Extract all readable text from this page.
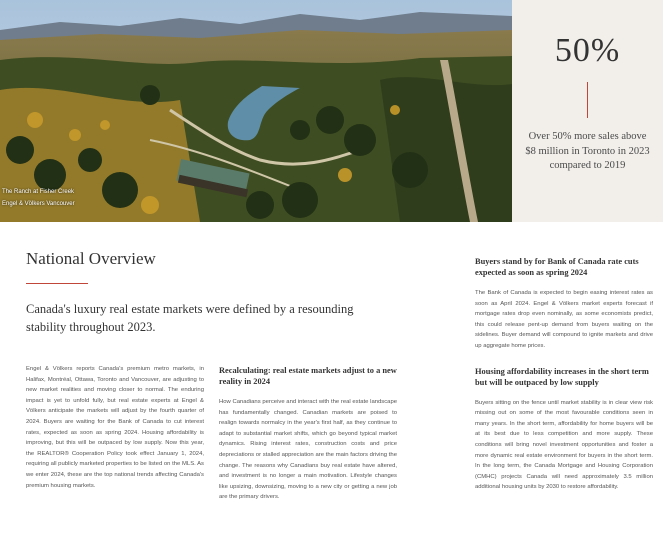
The Ranch at Fisher Creek
Engel & Völkers Vancouver
50%
Over 50% more sales above $8 million in Toronto in 2023 compared to 2019
National Overview

Canada's luxury real estate markets were defined by a resounding stability throughout 2023.

Engel & Völkers reports Canada's premium metro markets, in Halifax, Montréal, Ottawa, Toronto and Vancouver, are adjusting to new market realities and moving closer to normal. The enduring impact is yet to unfold fully, but real estate experts at Engel & Völkers anticipate the markets will adjust by the fourth quarter of 2024. Buyers are waiting for the Bank of Canada to cut interest rates, expected as soon as spring 2024. Housing affordability is improving, but this will be outpaced by low supply. Now this year, the REALTOR® Cooperation Policy took effect January 1, 2024, requiring all publicly marketed properties to be listed on the MLS. As we enter 2024, these are the top national trends affecting Canada's premium housing markets.

Recalculating: real estate markets adjust to a new reality in 2024

How Canadians perceive and interact with the real estate landscape has fundamentally changed. Canadian markets are poised to realign towards normalcy in the year's first half, as they continue to adapt to substantial market shifts, which go beyond typical market dynamics. Rising interest rates, construction costs and price depreciations or stalled appreciation are the main factors driving the change. The reasons why Canadians buy real estate have altered, and investment is no longer a main motivation. Lifestyle changes like upsizing, downsizing, moving to a new city or getting a new job are the primary drivers.

Buyers stand by for Bank of Canada rate cuts expected as soon as spring 2024

The Bank of Canada is expected to begin easing interest rates as soon as April 2024. Engel & Völkers market experts forecast if mortgage rates drop even nominally, as some economists predict, this could release pent-up demand from buyers waiting on the sidelines. Buyer demand will compound to ignite markets and drive up aggregate home prices.

Housing affordability increases in the short term but will be outpaced by low supply

Buyers sitting on the fence until market stability is in clear view risk missing out on some of the most favourable conditions seen in many years. In the short term, affordability for home buyers will be at its best due to less competition and more supply. These conditions will bring novel investment opportunities and foster a more dynamic real estate environment for buyers in the short term. In the long term, the Canada Mortgage and Housing Corporation (CMHC) projects Canada will need approximately 3.5 million additional housing units by 2030 to restore affordability.
